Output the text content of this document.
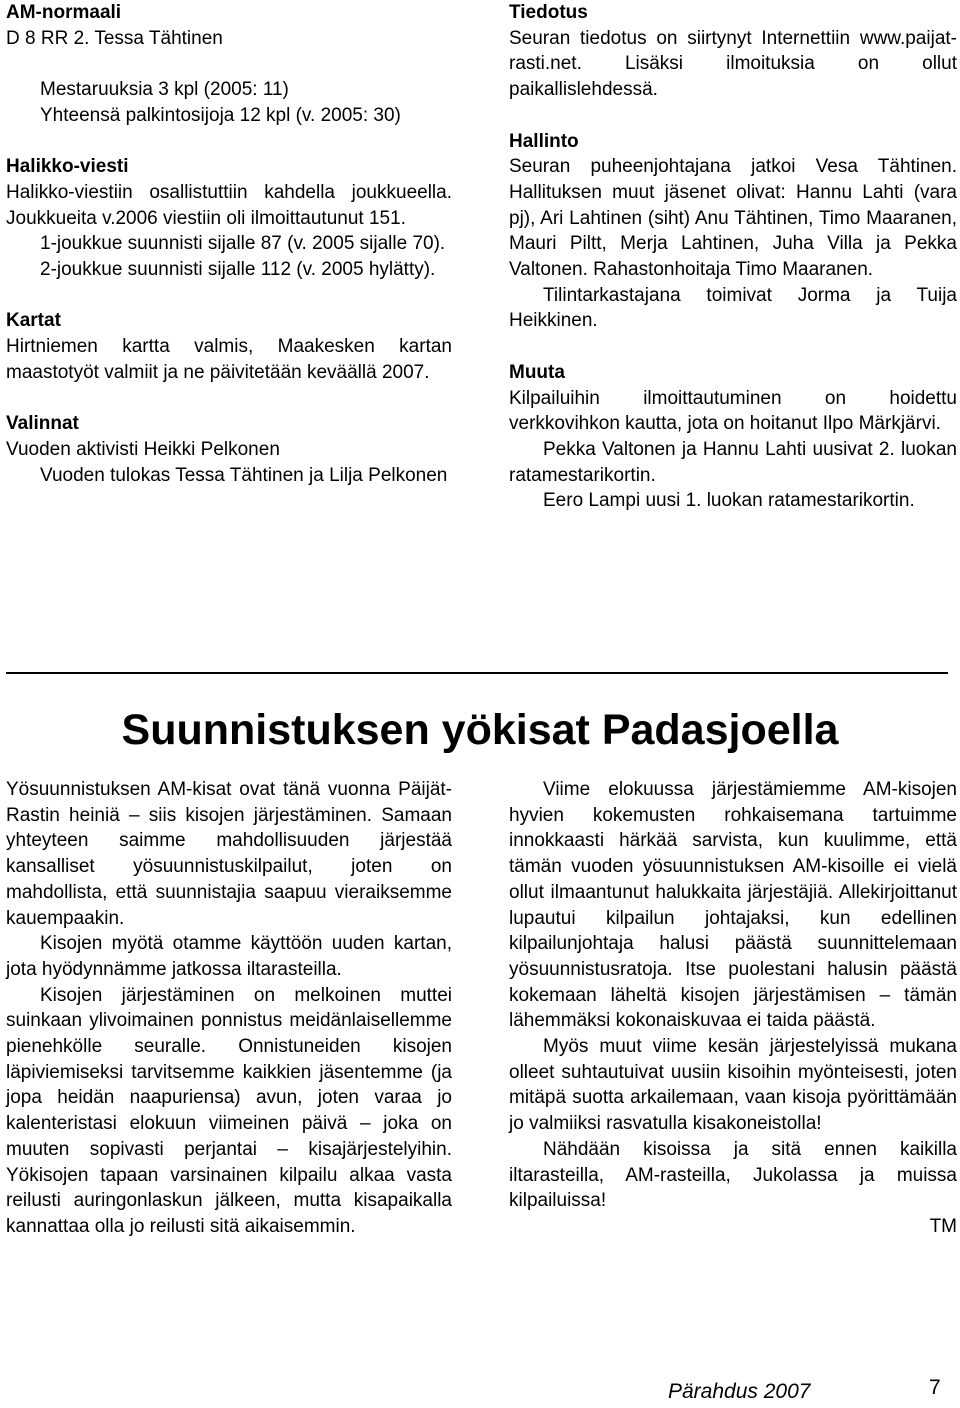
AM-normaali

D 8 RR 2. Tessa Tähtinen

Mestaruuksia 3 kpl (2005: 11)

Yhteensä palkintosijoja 12 kpl (v. 2005: 30)

Halikko-viesti

Halikko-viestiin osallistuttiin kahdella joukkueella. Joukkueita v.2006 viestiin oli ilmoittautunut 151.

1-joukkue suunnisti sijalle 87 (v. 2005 sijalle 70).

2-joukkue suunnisti sijalle 112 (v. 2005 hylätty).

Kartat

Hirtniemen kartta valmis, Maakesken kartan maastotyöt valmiit ja ne päivitetään keväällä 2007.

Valinnat

Vuoden aktivisti Heikki Pelkonen

Vuoden tulokas Tessa Tähtinen ja Lilja Pelkonen

Tiedotus

Seuran tiedotus on siirtynyt Internettiin www.paijat-rasti.net. Lisäksi ilmoituksia on ollut paikallislehdessä.

Hallinto

Seuran puheenjohtajana jatkoi Vesa Tähtinen. Hallituksen muut jäsenet olivat: Hannu Lahti (vara pj), Ari Lahtinen (siht) Anu Tähtinen, Timo Maaranen, Mauri Piltt, Merja Lahtinen, Juha Villa ja Pekka Valtonen. Rahastonhoitaja Timo Maaranen.

Tilintarkastajana toimivat Jorma ja Tuija Heikkinen.

Muuta

Kilpailuihin ilmoittautuminen on hoidettu verkkovihkon kautta, jota on hoitanut Ilpo Märkjärvi.

Pekka Valtonen ja Hannu Lahti uusivat 2. luokan ratamestarikortin.

Eero Lampi uusi 1. luokan ratamestarikortin.

Suunnistuksen yökisat Padasjoella

Yösuunnistuksen AM-kisat ovat tänä vuonna Päijät-Rastin heiniä – siis kisojen järjestäminen. Samaan yhteyteen saimme mahdollisuuden järjestää kansalliset yösuunnistuskilpailut, joten on mahdollista, että suunnistajia saapuu vieraiksemme kauempaakin.

Kisojen myötä otamme käyttöön uuden kartan, jota hyödynnämme jatkossa iltarasteilla.

Kisojen järjestäminen on melkoinen muttei suinkaan ylivoimainen ponnistus meidänlaisellemme pienehkölle seuralle. Onnistuneiden kisojen läpiviemiseksi tarvitsemme kaikkien jäsentemme (ja jopa heidän naapuriensa) avun, joten varaa jo kalenteristasi elokuun viimeinen päivä – joka on muuten sopivasti perjantai – kisajärjestelyihin. Yökisojen tapaan varsinainen kilpailu alkaa vasta reilusti auringonlaskun jälkeen, mutta kisapaikalla kannattaa olla jo reilusti sitä aikaisemmin.

Viime elokuussa järjestämiemme AM-kisojen hyvien kokemusten rohkaisemana tartuimme innokkaasti härkää sarvista, kun kuulimme, että tämän vuoden yösuunnistuksen AM-kisoille ei vielä ollut ilmaantunut halukkaita järjestäjiä. Allekirjoittanut lupautui kilpailun johtajaksi, kun edellinen kilpailunjohtaja halusi päästä suunnittelemaan yösuunnistusratoja. Itse puolestani halusin päästä kokemaan läheltä kisojen järjestämisen – tämän lähemmäksi kokonaiskuvaa ei taida päästä.

Myös muut viime kesän järjestelyissä mukana olleet suhtautuivat uusiin kisoihin myönteisesti, joten mitäpä suotta arkailemaan, vaan kisoja pyörittämään jo valmiiksi rasvatulla kisakoneistolla!

Nähdään kisoissa ja sitä ennen kaikilla iltarasteilla, AM-rasteilla, Jukolassa ja muissa kilpailuissa!

TM

Pärahdus 2007	7
